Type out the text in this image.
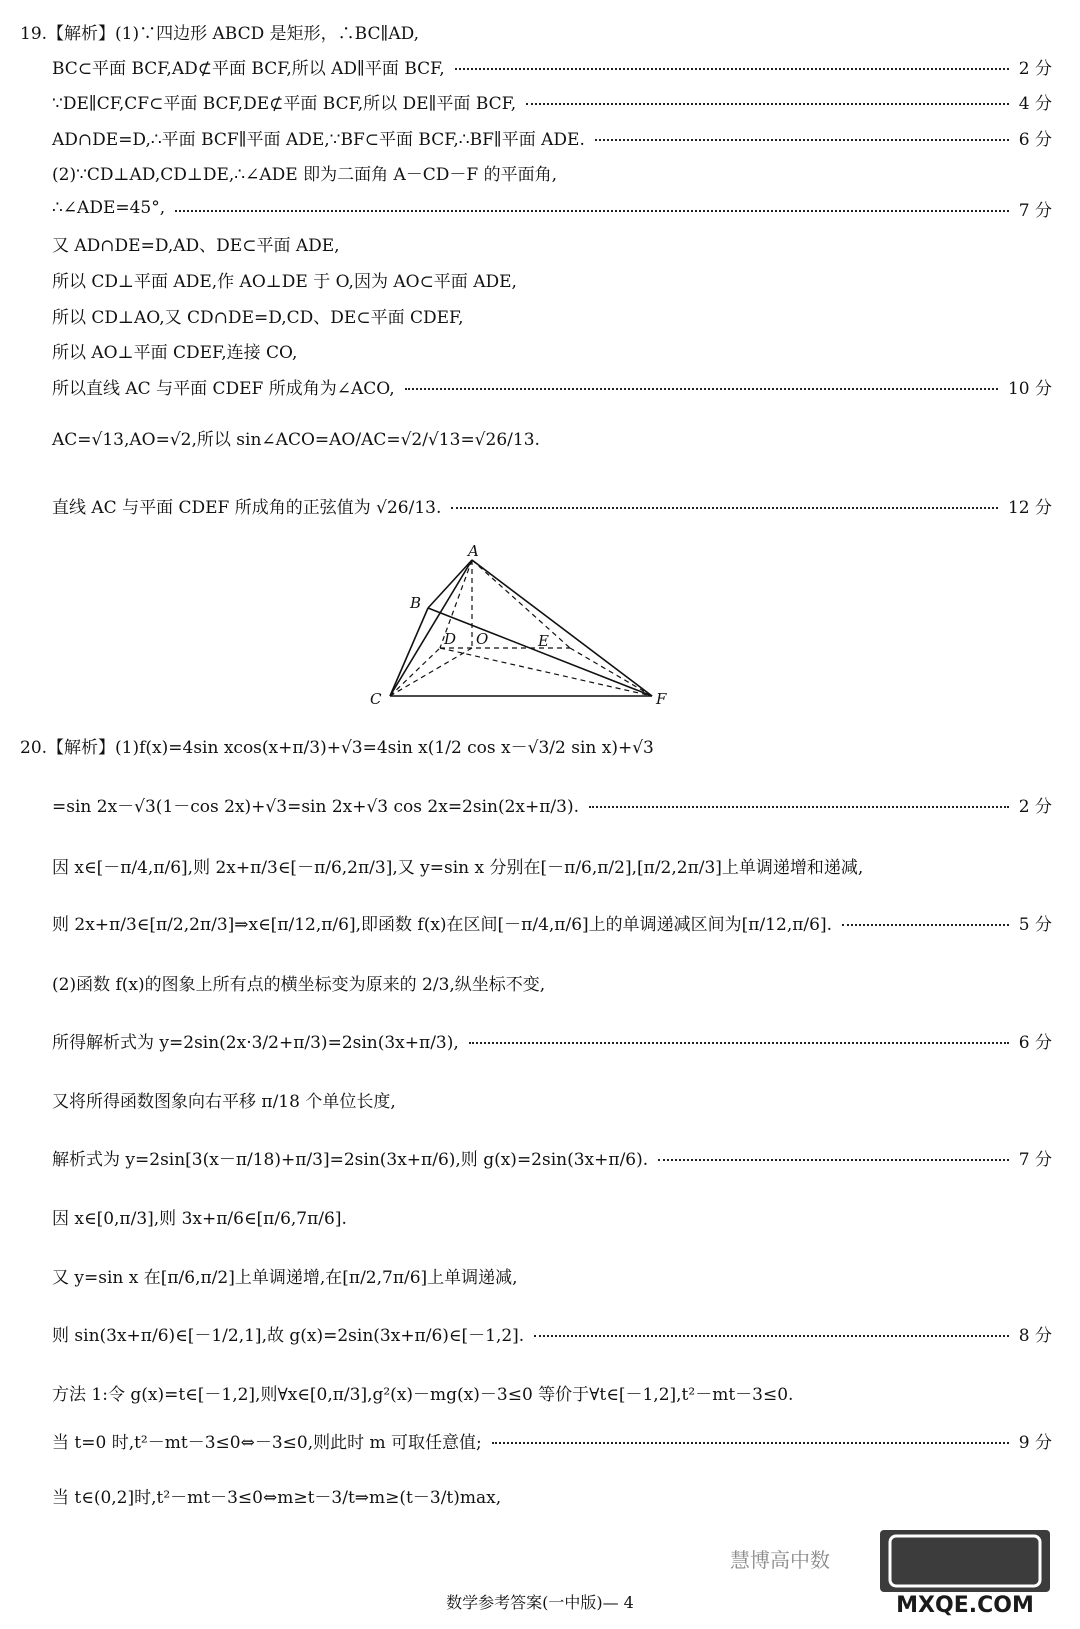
19.【解析】(1)∵四边形 ABCD 是矩形，∴BC∥AD,
BC⊂平面 BCF,AD⊄平面 BCF,所以 AD∥平面 BCF,	2 分
∵DE∥CF,CF⊂平面 BCF,DE⊄平面 BCF,所以 DE∥平面 BCF,	4 分
AD∩DE=D,∴平面 BCF∥平面 ADE,∵BF⊂平面 BCF,∴BF∥平面 ADE.	6 分
(2)∵CD⊥AD,CD⊥DE,∴∠ADE 即为二面角 A－CD－F 的平面角,
∴∠ADE=45°,	7 分
又 AD∩DE=D,AD、DE⊂平面 ADE,
所以 CD⊥平面 ADE,作 AO⊥DE 于 O,因为 AO⊂平面 ADE,
所以 CD⊥AO,又 CD∩DE=D,CD、DE⊂平面 CDEF,
所以 AO⊥平面 CDEF,连接 CO,
所以直线 AC 与平面 CDEF 所成角为∠ACO,	10 分
AC=√13,AO=√2,所以 sin∠ACO=AO/AC=√2/√13=√26/13.
直线 AC 与平面 CDEF 所成角的正弦值为 √26/13.	12 分
A
B
D O	E
C	F
20.【解析】(1)f(x)=4sin xcos(x+π/3)+√3=4sin x(1/2 cos x－√3/2 sin x)+√3
=sin 2x－√3(1－cos 2x)+√3=sin 2x+√3 cos 2x=2sin(2x+π/3).	2 分
因 x∈[－π/4,π/6],则 2x+π/3∈[－π/6,2π/3],又 y=sin x 分别在[－π/6,π/2],[π/2,2π/3]上单调递增和递减,
则 2x+π/3∈[π/2,2π/3]⇒x∈[π/12,π/6],即函数 f(x)在区间[－π/4,π/6]上的单调递减区间为[π/12,π/6].	5 分
(2)函数 f(x)的图象上所有点的横坐标变为原来的 2/3,纵坐标不变,
所得解析式为 y=2sin(2x·3/2+π/3)=2sin(3x+π/3),	6 分
又将所得函数图象向右平移 π/18 个单位长度,
解析式为 y=2sin[3(x－π/18)+π/3]=2sin(3x+π/6),则 g(x)=2sin(3x+π/6).	7 分
因 x∈[0,π/3],则 3x+π/6∈[π/6,7π/6].
又 y=sin x 在[π/6,π/2]上单调递增,在[π/2,7π/6]上单调递减,
则 sin(3x+π/6)∈[－1/2,1],故 g(x)=2sin(3x+π/6)∈[－1,2].	8 分
方法 1:令 g(x)=t∈[－1,2],则∀x∈[0,π/3],g²(x)－mg(x)－3≤0 等价于∀t∈[－1,2],t²－mt－3≤0.
当 t=0 时,t²－mt－3≤0⇔－3≤0,则此时 m 可取任意值;	9 分
当 t∈(0,2]时,t²－mt－3≤0⇔m≥t－3/t⇒m≥(t－3/t)max,
慧博高中数
MXQE.COM
数学参考答案(一中版)— 4
